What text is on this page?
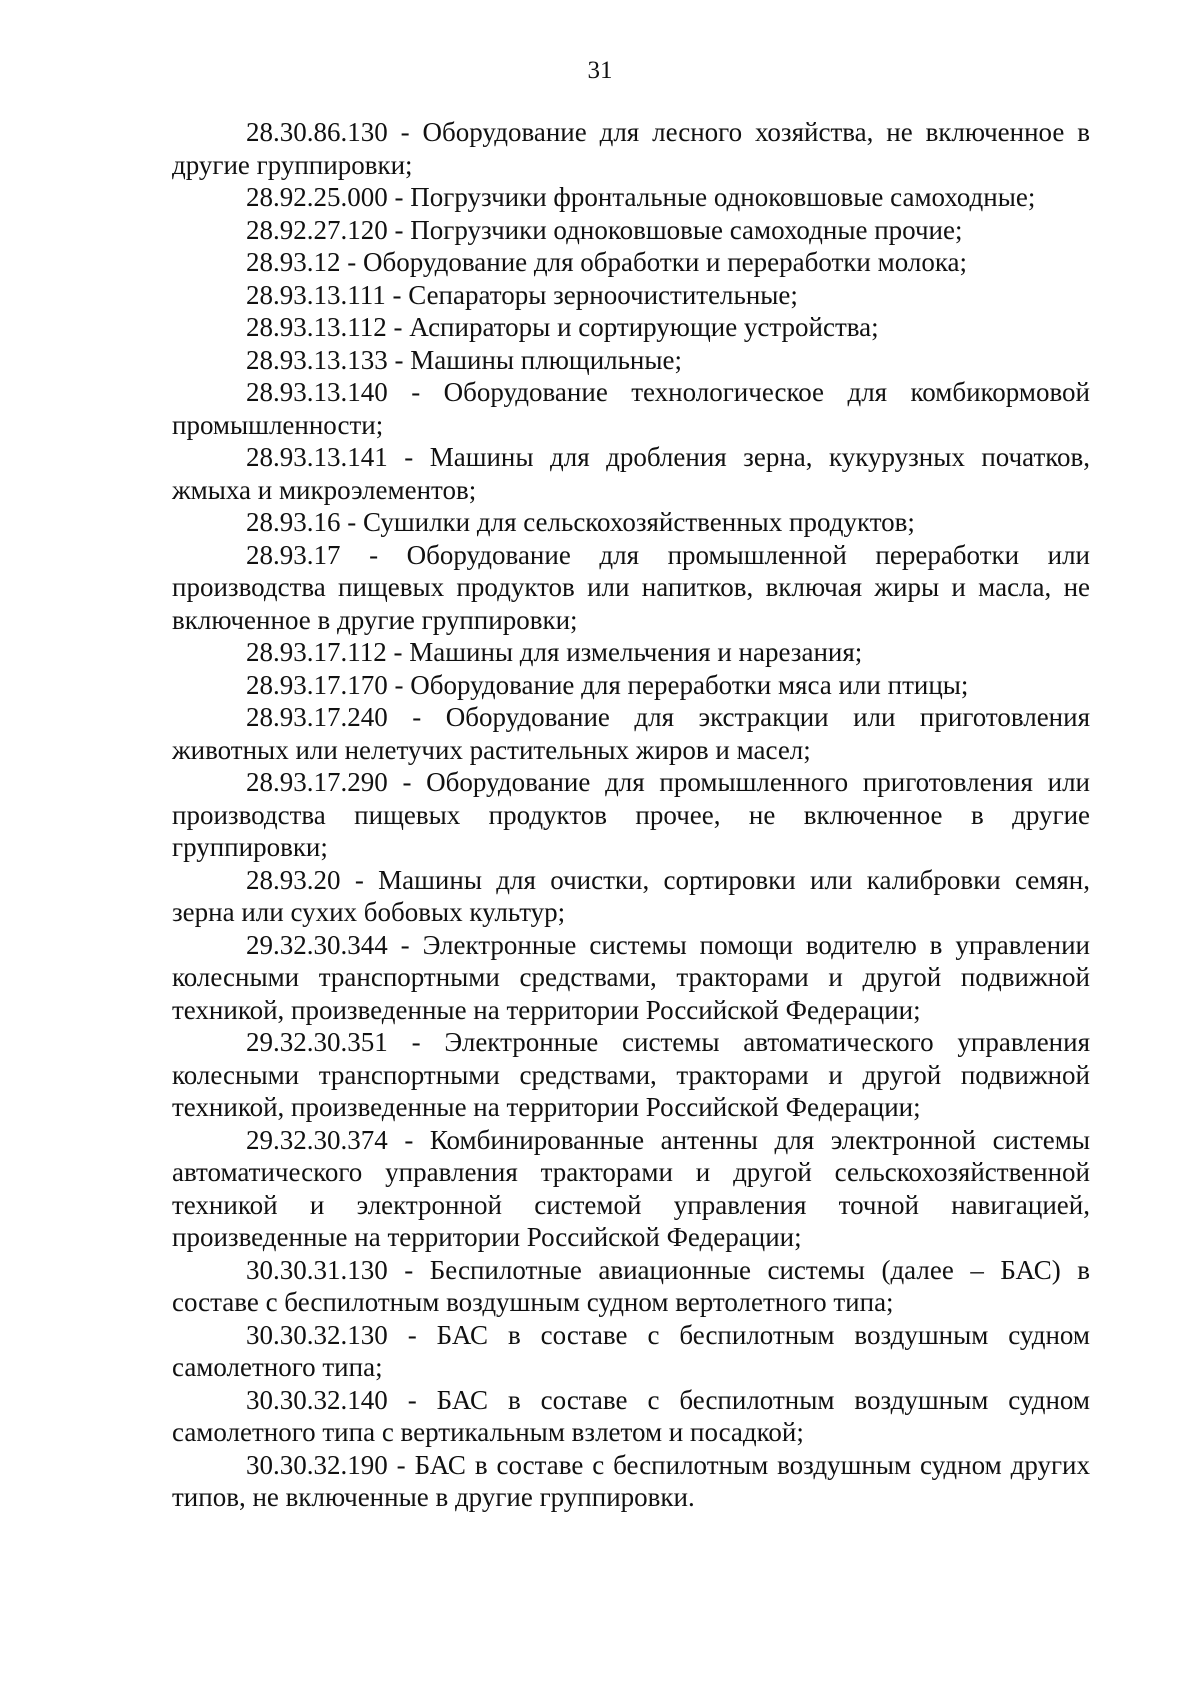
31

28.30.86.130 - Оборудование для лесного хозяйства, не включенное в другие группировки;

28.92.25.000 - Погрузчики фронтальные одноковшовые самоходные;

28.92.27.120 - Погрузчики одноковшовые самоходные прочие;

28.93.12 - Оборудование для обработки и переработки молока;

28.93.13.111 - Сепараторы зерноочистительные;

28.93.13.112 - Аспираторы и сортирующие устройства;

28.93.13.133 - Машины плющильные;

28.93.13.140 - Оборудование технологическое для комбикормовой промышленности;

28.93.13.141 - Машины для дробления зерна, кукурузных початков, жмыха и микроэлементов;

28.93.16 - Сушилки для сельскохозяйственных продуктов;

28.93.17 - Оборудование для промышленной переработки или производства пищевых продуктов или напитков, включая жиры и масла, не включенное в другие группировки;

28.93.17.112 - Машины для измельчения и нарезания;

28.93.17.170 - Оборудование для переработки мяса или птицы;

28.93.17.240 - Оборудование для экстракции или приготовления животных или нелетучих растительных жиров и масел;

28.93.17.290 - Оборудование для промышленного приготовления или производства пищевых продуктов прочее, не включенное в другие группировки;

28.93.20 - Машины для очистки, сортировки или калибровки семян, зерна или сухих бобовых культур;

29.32.30.344 - Электронные системы помощи водителю в управлении колесными транспортными средствами, тракторами и другой подвижной техникой, произведенные на территории Российской Федерации;

29.32.30.351 - Электронные системы автоматического управления колесными транспортными средствами, тракторами и другой подвижной техникой, произведенные на территории Российской Федерации;

29.32.30.374 - Комбинированные антенны для электронной системы автоматического управления тракторами и другой сельскохозяйственной техникой и электронной системой управления точной навигацией, произведенные на территории Российской Федерации;

30.30.31.130 - Беспилотные авиационные системы (далее – БАС) в составе с беспилотным воздушным судном вертолетного типа;

30.30.32.130 - БАС в составе с беспилотным воздушным судном самолетного типа;

30.30.32.140 - БАС в составе с беспилотным воздушным судном самолетного типа с вертикальным взлетом и посадкой;

30.30.32.190 - БАС в составе с беспилотным воздушным судном других типов, не включенные в другие группировки.
